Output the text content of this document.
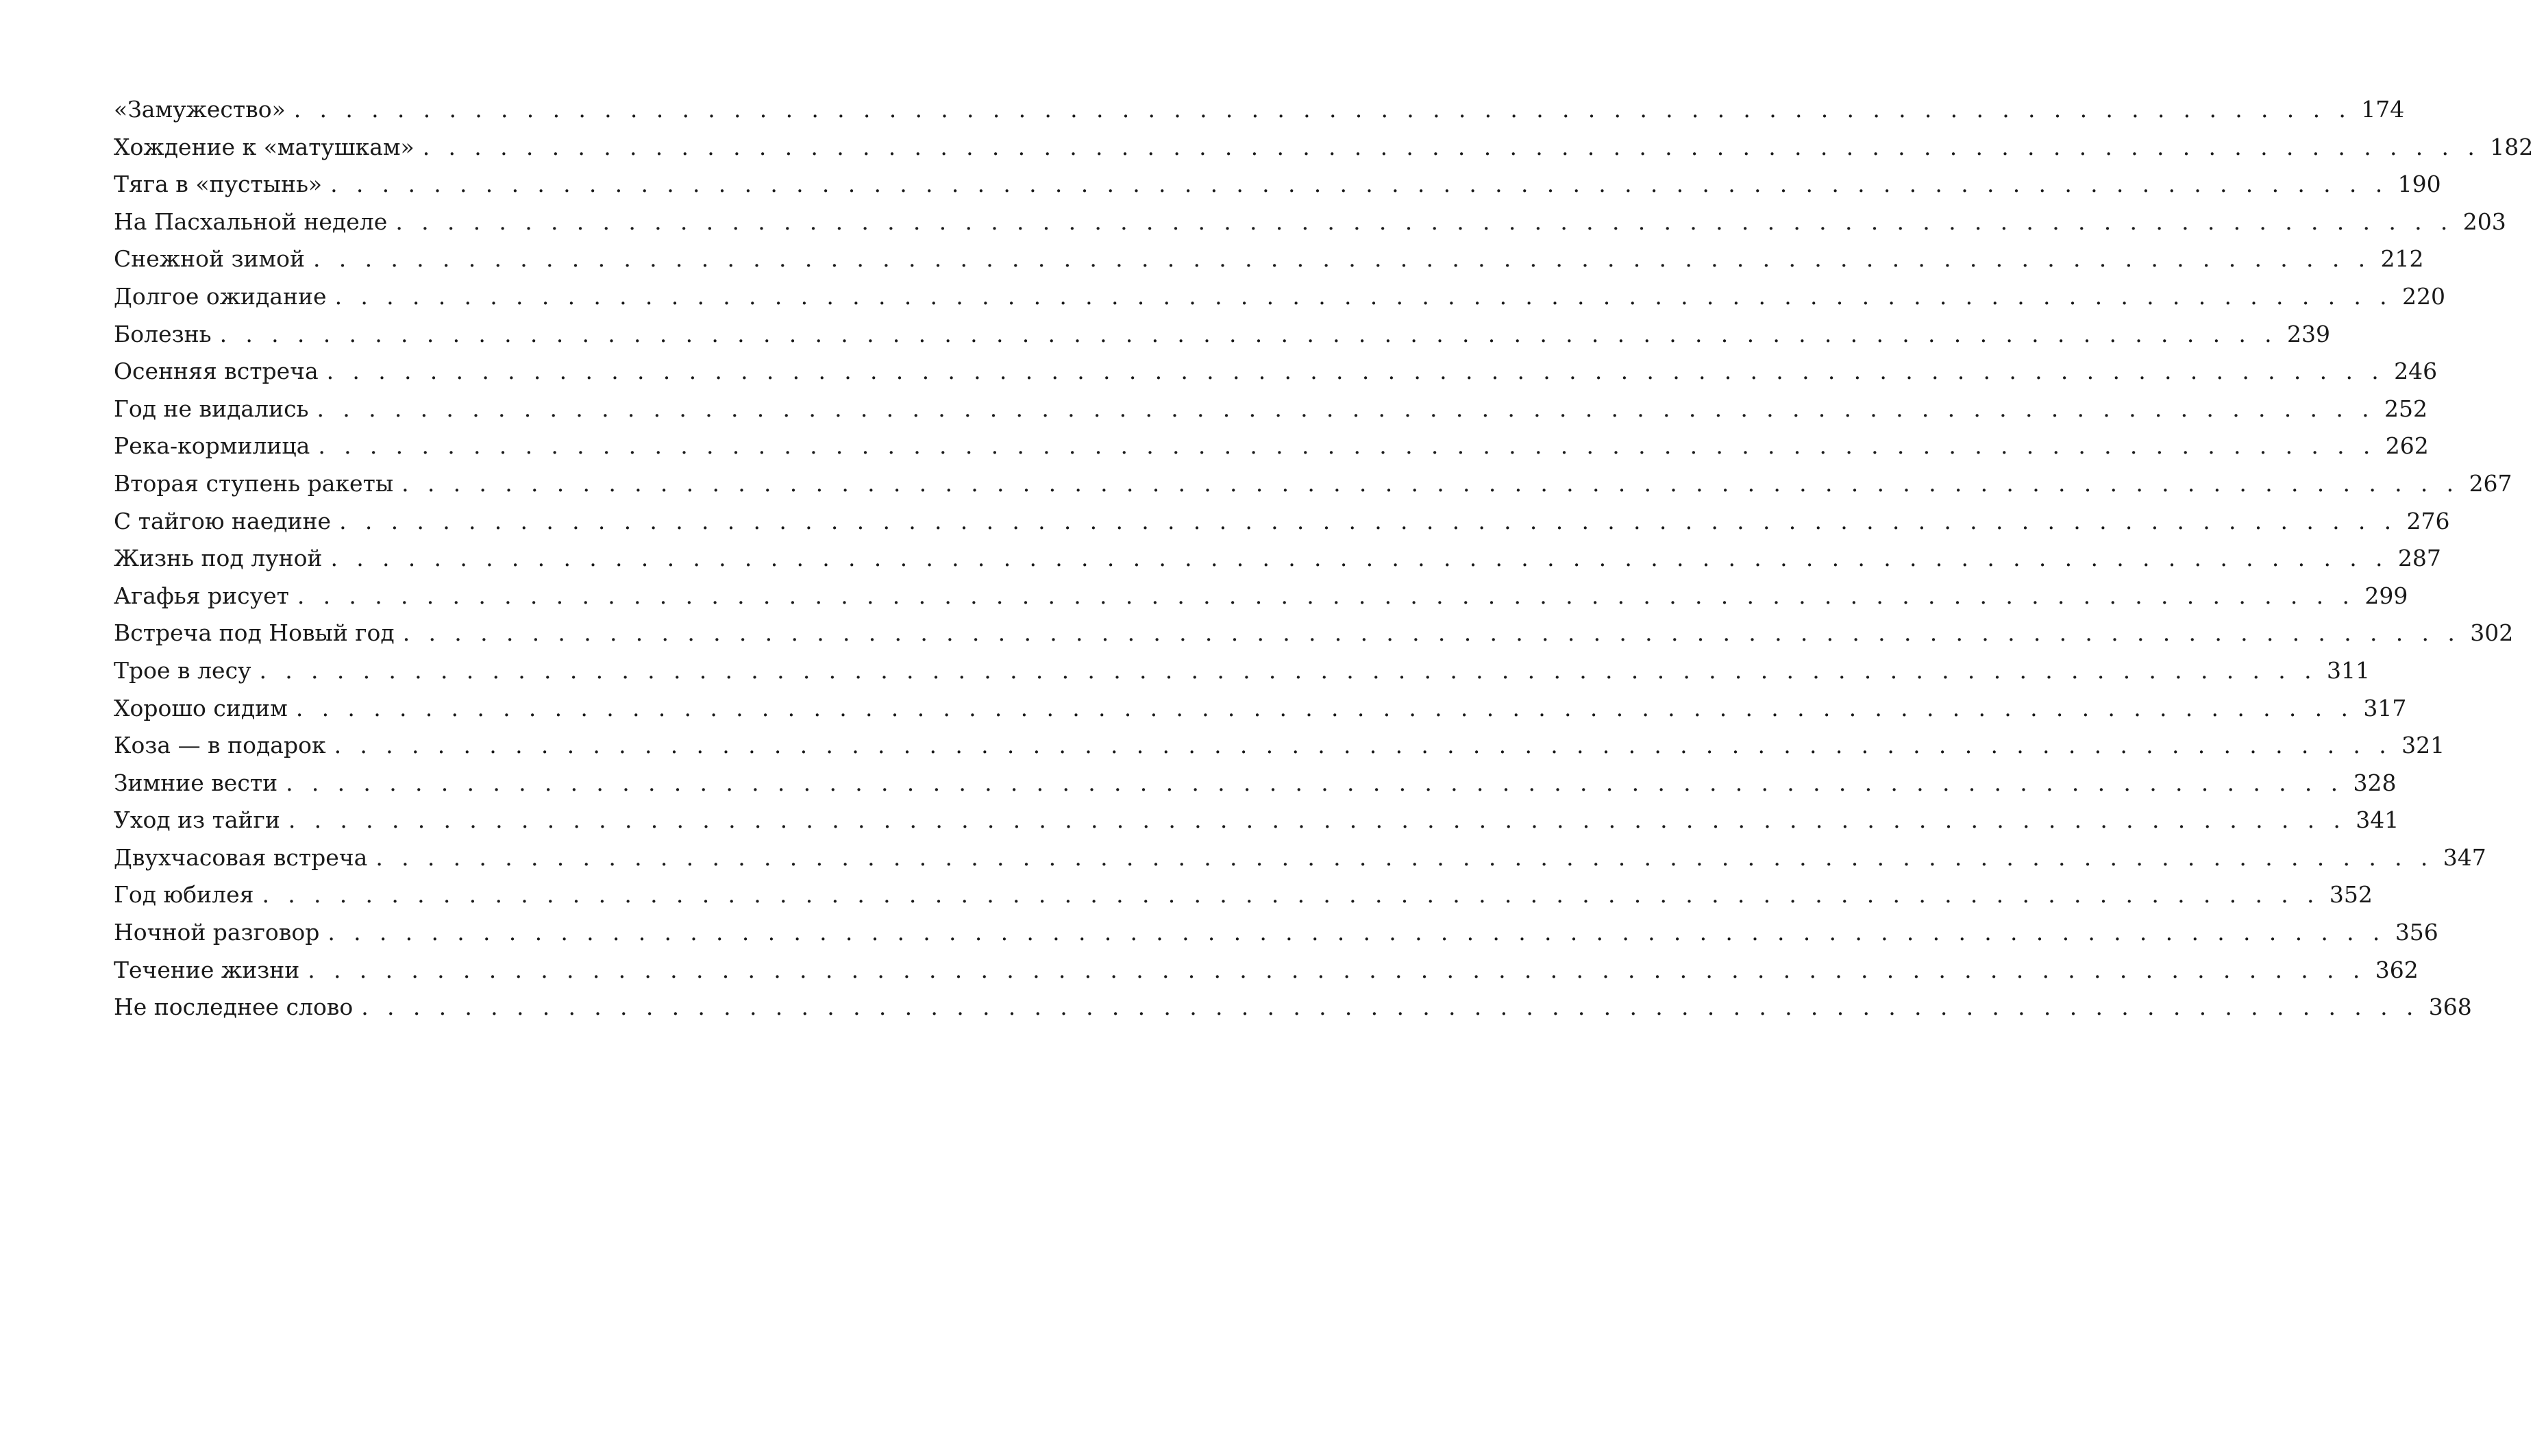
«Замужество» . . . . . . . . . . . . . . . . . . . . . . . . . . . . . . . . . . . . . . . . . . . . . . . . . . . . . . . . . . . . . . . . . . . . . . . . . . . . . . . . 174
Хождение к «матушкам» . . . . . . . . . . . . . . . . . . . . . . . . . . . . . . . . . . . . . . . . . . . . . . . . . . . . . . . . . . . . . . . . . . . . . . . . . . . . . . . . 182
Тяга в «пустынь» . . . . . . . . . . . . . . . . . . . . . . . . . . . . . . . . . . . . . . . . . . . . . . . . . . . . . . . . . . . . . . . . . . . . . . . . . . . . . . . . 190
На Пасхальной неделе . . . . . . . . . . . . . . . . . . . . . . . . . . . . . . . . . . . . . . . . . . . . . . . . . . . . . . . . . . . . . . . . . . . . . . . . . . . . . . . . 203
Снежной зимой . . . . . . . . . . . . . . . . . . . . . . . . . . . . . . . . . . . . . . . . . . . . . . . . . . . . . . . . . . . . . . . . . . . . . . . . . . . . . . . . 212
Долгое ожидание . . . . . . . . . . . . . . . . . . . . . . . . . . . . . . . . . . . . . . . . . . . . . . . . . . . . . . . . . . . . . . . . . . . . . . . . . . . . . . . . 220
Болезнь . . . . . . . . . . . . . . . . . . . . . . . . . . . . . . . . . . . . . . . . . . . . . . . . . . . . . . . . . . . . . . . . . . . . . . . . . . . . . . . . 239
Осенняя встреча . . . . . . . . . . . . . . . . . . . . . . . . . . . . . . . . . . . . . . . . . . . . . . . . . . . . . . . . . . . . . . . . . . . . . . . . . . . . . . . . 246
Год не видались . . . . . . . . . . . . . . . . . . . . . . . . . . . . . . . . . . . . . . . . . . . . . . . . . . . . . . . . . . . . . . . . . . . . . . . . . . . . . . . . 252
Река-кормилица . . . . . . . . . . . . . . . . . . . . . . . . . . . . . . . . . . . . . . . . . . . . . . . . . . . . . . . . . . . . . . . . . . . . . . . . . . . . . . . . 262
Вторая ступень ракеты . . . . . . . . . . . . . . . . . . . . . . . . . . . . . . . . . . . . . . . . . . . . . . . . . . . . . . . . . . . . . . . . . . . . . . . . . . . . . . . . 267
С тайгою наедине . . . . . . . . . . . . . . . . . . . . . . . . . . . . . . . . . . . . . . . . . . . . . . . . . . . . . . . . . . . . . . . . . . . . . . . . . . . . . . . . 276
Жизнь под луной . . . . . . . . . . . . . . . . . . . . . . . . . . . . . . . . . . . . . . . . . . . . . . . . . . . . . . . . . . . . . . . . . . . . . . . . . . . . . . . . 287
Агафья рисует . . . . . . . . . . . . . . . . . . . . . . . . . . . . . . . . . . . . . . . . . . . . . . . . . . . . . . . . . . . . . . . . . . . . . . . . . . . . . . . . 299
Встреча под Новый год . . . . . . . . . . . . . . . . . . . . . . . . . . . . . . . . . . . . . . . . . . . . . . . . . . . . . . . . . . . . . . . . . . . . . . . . . . . . . . . . 302
Трое в лесу . . . . . . . . . . . . . . . . . . . . . . . . . . . . . . . . . . . . . . . . . . . . . . . . . . . . . . . . . . . . . . . . . . . . . . . . . . . . . . . . 311
Хорошо сидим . . . . . . . . . . . . . . . . . . . . . . . . . . . . . . . . . . . . . . . . . . . . . . . . . . . . . . . . . . . . . . . . . . . . . . . . . . . . . . . . 317
Коза — в подарок . . . . . . . . . . . . . . . . . . . . . . . . . . . . . . . . . . . . . . . . . . . . . . . . . . . . . . . . . . . . . . . . . . . . . . . . . . . . . . . . 321
Зимние вести . . . . . . . . . . . . . . . . . . . . . . . . . . . . . . . . . . . . . . . . . . . . . . . . . . . . . . . . . . . . . . . . . . . . . . . . . . . . . . . . 328
Уход из тайги . . . . . . . . . . . . . . . . . . . . . . . . . . . . . . . . . . . . . . . . . . . . . . . . . . . . . . . . . . . . . . . . . . . . . . . . . . . . . . . . 341
Двухчасовая встреча . . . . . . . . . . . . . . . . . . . . . . . . . . . . . . . . . . . . . . . . . . . . . . . . . . . . . . . . . . . . . . . . . . . . . . . . . . . . . . . . 347
Год юбилея . . . . . . . . . . . . . . . . . . . . . . . . . . . . . . . . . . . . . . . . . . . . . . . . . . . . . . . . . . . . . . . . . . . . . . . . . . . . . . . . 352
Ночной разговор . . . . . . . . . . . . . . . . . . . . . . . . . . . . . . . . . . . . . . . . . . . . . . . . . . . . . . . . . . . . . . . . . . . . . . . . . . . . . . . . 356
Течение жизни . . . . . . . . . . . . . . . . . . . . . . . . . . . . . . . . . . . . . . . . . . . . . . . . . . . . . . . . . . . . . . . . . . . . . . . . . . . . . . . . 362
Не последнее слово . . . . . . . . . . . . . . . . . . . . . . . . . . . . . . . . . . . . . . . . . . . . . . . . . . . . . . . . . . . . . . . . . . . . . . . . . . . . . . . . 368
